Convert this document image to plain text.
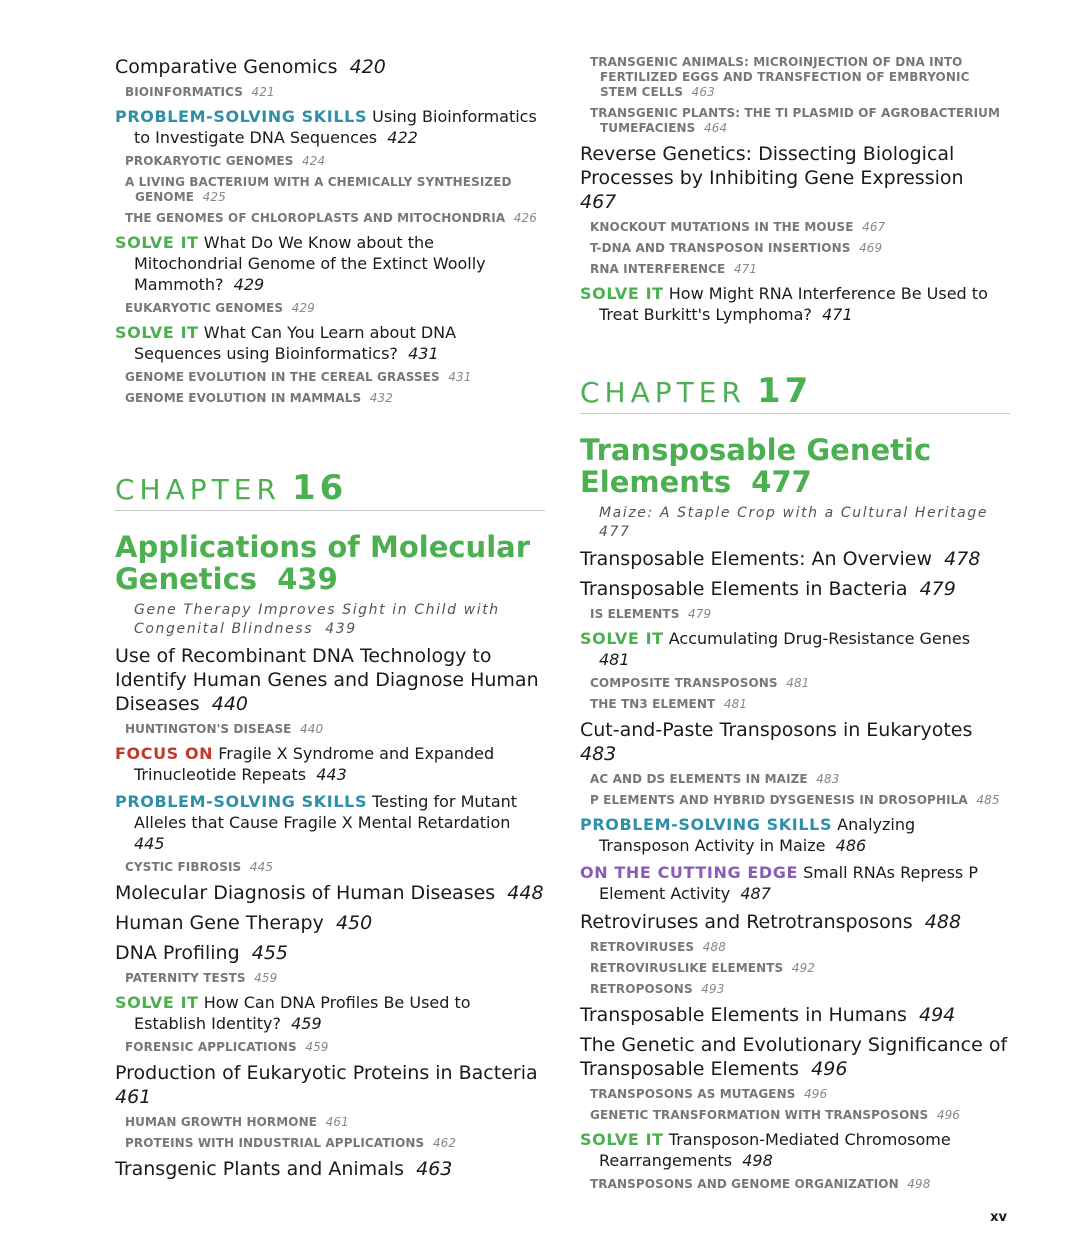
Comparative Genomics 420
BIOINFORMATICS 421
PROBLEM-SOLVING SKILLS Using Bioinformatics to Investigate DNA Sequences 422
PROKARYOTIC GENOMES 424
A LIVING BACTERIUM WITH A CHEMICALLY SYNTHESIZED GENOME 425
THE GENOMES OF CHLOROPLASTS AND MITOCHONDRIA 426
SOLVE IT What Do We Know about the Mitochondrial Genome of the Extinct Woolly Mammoth? 429
EUKARYOTIC GENOMES 429
SOLVE IT What Can You Learn about DNA Sequences using Bioinformatics? 431
GENOME EVOLUTION IN THE CEREAL GRASSES 431
GENOME EVOLUTION IN MAMMALS 432
CHAPTER 16
Applications of Molecular Genetics 439
Gene Therapy Improves Sight in Child with Congenital Blindness 439
Use of Recombinant DNA Technology to Identify Human Genes and Diagnose Human Diseases 440
HUNTINGTON'S DISEASE 440
FOCUS ON Fragile X Syndrome and Expanded Trinucleotide Repeats 443
PROBLEM-SOLVING SKILLS Testing for Mutant Alleles that Cause Fragile X Mental Retardation  445
CYSTIC FIBROSIS 445
Molecular Diagnosis of Human Diseases 448
Human Gene Therapy 450
DNA Profiling 455
PATERNITY TESTS 459
SOLVE IT How Can DNA Profiles Be Used to Establish Identity? 459
FORENSIC APPLICATIONS 459
Production of Eukaryotic Proteins in Bacteria  461
HUMAN GROWTH HORMONE 461
PROTEINS WITH INDUSTRIAL APPLICATIONS 462
Transgenic Plants and Animals 463
TRANSGENIC ANIMALS: MICROINJECTION OF DNA INTO FERTILIZED EGGS AND TRANSFECTION OF EMBRYONIC STEM CELLS 463
TRANSGENIC PLANTS: THE TI PLASMID OF AGROBACTERIUM TUMEFACIENS 464
Reverse Genetics: Dissecting Biological Processes by Inhibiting Gene Expression  467
KNOCKOUT MUTATIONS IN THE MOUSE 467
T-DNA AND TRANSPOSON INSERTIONS 469
RNA INTERFERENCE 471
SOLVE IT How Might RNA Interference Be Used to Treat Burkitt's Lymphoma? 471
CHAPTER 17
Transposable Genetic Elements 477
Maize: A Staple Crop with a Cultural Heritage  477
Transposable Elements: An Overview 478
Transposable Elements in Bacteria 479
IS ELEMENTS 479
SOLVE IT Accumulating Drug-Resistance Genes  481
COMPOSITE TRANSPOSONS 481
THE TN3 ELEMENT 481
Cut-and-Paste Transposons in Eukaryotes  483
AC AND DS ELEMENTS IN MAIZE 483
P ELEMENTS AND HYBRID DYSGENESIS IN DROSOPHILA 485
PROBLEM-SOLVING SKILLS Analyzing Transposon Activity in Maize 486
ON THE CUTTING EDGE Small RNAs Repress P Element Activity 487
Retroviruses and Retrotransposons 488
RETROVIRUSES 488
RETROVIRUSLIKE ELEMENTS 492
RETROPOSONS 493
Transposable Elements in Humans 494
The Genetic and Evolutionary Significance of Transposable Elements 496
TRANSPOSONS AS MUTAGENS 496
GENETIC TRANSFORMATION WITH TRANSPOSONS 496
SOLVE IT Transposon-Mediated Chromosome Rearrangements 498
TRANSPOSONS AND GENOME ORGANIZATION 498
xv
